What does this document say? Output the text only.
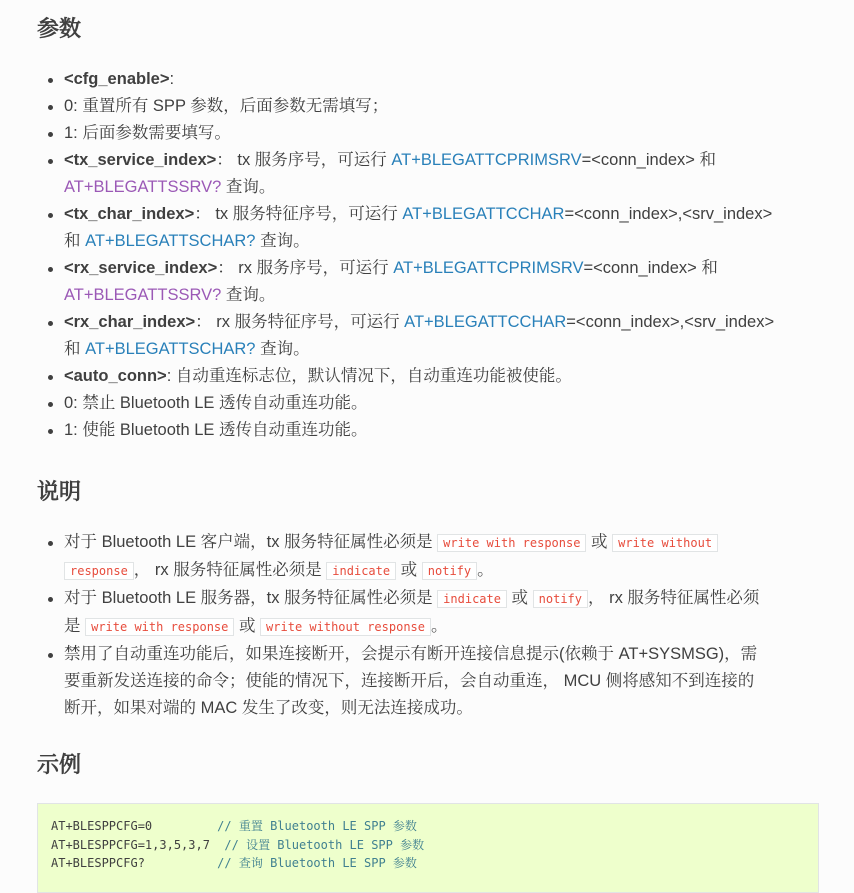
参数
<cfg_enable>:
0: 重置所有 SPP 参数，后面参数无需填写；
1: 后面参数需要填写。
<tx_service_index>： tx 服务序号，可运行 AT+BLEGATTCPRIMSRV=<conn_index> 和
AT+BLEGATTSSRV? 查询。
<tx_char_index>： tx 服务特征序号，可运行 AT+BLEGATTCCHAR=<conn_index>,<srv_index>
和 AT+BLEGATTSCHAR? 查询。
<rx_service_index>： rx 服务序号，可运行 AT+BLEGATTCPRIMSRV=<conn_index> 和
AT+BLEGATTSSRV? 查询。
<rx_char_index>： rx 服务特征序号，可运行 AT+BLEGATTCCHAR=<conn_index>,<srv_index>
和 AT+BLEGATTSCHAR? 查询。
<auto_conn>: 自动重连标志位，默认情况下，自动重连功能被使能。
0: 禁止 Bluetooth LE 透传自动重连功能。
1: 使能 Bluetooth LE 透传自动重连功能。
说明
对于 Bluetooth LE 客户端，tx 服务特征属性必须是 write with response 或 write without
response ， rx 服务特征属性必须是 indicate 或 notify 。
对于 Bluetooth LE 服务器，tx 服务特征属性必须是 indicate 或 notify ， rx 服务特征属性必须
是 write with response 或 write without response 。
禁用了自动重连功能后，如果连接断开，会提示有断开连接信息提示(依赖于 AT+SYSMSG)，需
要重新发送连接的命令；使能的情况下，连接断开后，会自动重连， MCU 侧将感知不到连接的
断开，如果对端的 MAC 发生了改变，则无法连接成功。
示例
AT+BLESPPCFG=0         // 重置 Bluetooth LE SPP 参数
AT+BLESPPCFG=1,3,5,3,7  // 设置 Bluetooth LE SPP 参数
AT+BLESPPCFG?          // 查询 Bluetooth LE SPP 参数
